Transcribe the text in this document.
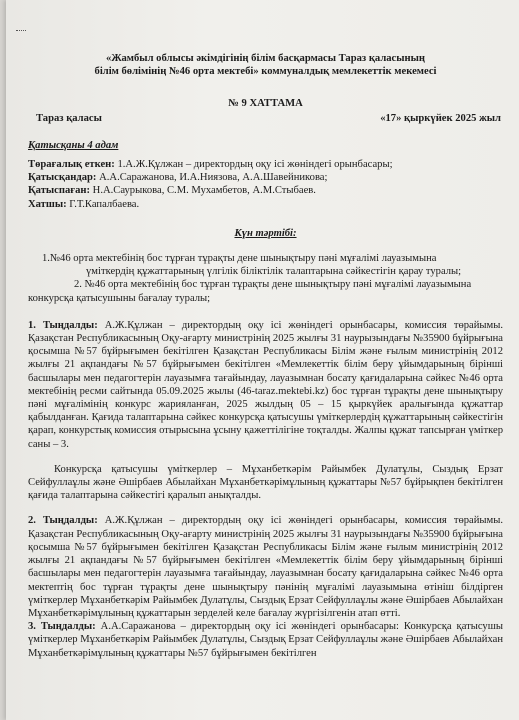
«Жамбыл облысы әкімдігінің білім басқармасы Тараз қаласының

білім бөлімінің №46 орта мектебі» коммуналдық мемлекеттік мекемесі

№ 9 ХАТТАМА

Тараз қаласы	«17» қыркүйек 2025 жыл

Қатысқаны 4 адам

Төрағалық еткен: 1.А.Ж.Құлжан – директордың оқу ісі жөніндегі орынбасары;

Қатысқандар: А.А.Саражанова, И.А.Ниязова, А.А.Шавейникова;

Қатыспаған: Н.А.Саурыкова, С.М. Мухамбетов, А.М.Стыбаев.

Хатшы: Г.Т.Капалбаева.

Күн тәртібі:

1.№46 орта мектебінің бос тұрған тұрақты дене шынықтыру пәні мұғалімі лауазымына

үміткердің құжаттарының үлгілік біліктілік талаптарына сәйкестігін қарау туралы;

2. №46 орта мектебінің бос тұрған тұрақты дене шынықтыру пәні мұғалімі лауазымына

конкурсқа қатысушыны бағалау туралы;

1. Тыңдалды: А.Ж.Құлжан – директордың оқу ісі жөніндегі орынбасары, комиссия төрайымы. Қазақстан Республикасының Оқу-ағарту министрінің 2025 жылғы 31 наурызындағы №35900 бұйрығына қосымша №57 бұйрығымен бекітілген Қазақстан Республикасы Білім және ғылым министрінің 2012 жылғы 21 ақпандағы №57 бұйрығымен бекітілген «Мемлекеттік білім беру ұйымдарының бірінші басшылары мен педагогтерін лауазымға тағайындау, лауазымнан босату қағидаларына сәйкес №46 орта мектебінің ресми сайтында 05.09.2025 жылы (46-taraz.mektebi.kz) бос тұрған тұрақты дене шынықтыру пәні мұғалімінің конкурс жарияланған, 2025 жылдың 05 – 15 қыркүйек аралығында құжаттар қабылданған. Қағида талаптарына сәйкес конкурсқа қатысушы үміткерлердің құжаттарының сәйкестігін қарап, конкурстық комиссия отырысына ұсыну қажеттілігіне тоқталды. Жалпы құжат тапсырған үміткер саны – 3.

Конкурсқа қатысушы үміткерлер – Мұханбеткәрім Райымбек Дулатұлы, Сыздық Ерзат Сейфуллаұлы және Әшірбаев Абылайхан Мұханбеткәрімұлының құжаттары №57 бұйрықпен бекітілген қағида талаптарына сәйкестігі қаралып анықталды.

2. Тыңдалды: А.Ж.Құлжан – директордың оқу ісі жөніндегі орынбасары, комиссия төрайымы. Қазақстан Республикасының Оқу-ағарту министрінің 2025 жылғы 31 наурызындағы №35900 бұйрығына қосымша №57 бұйрығымен бекітілген Қазақстан Республикасы Білім және ғылым министрінің 2012 жылғы 21 ақпандағы №57 бұйрығымен бекітілген «Мемлекеттік білім беру ұйымдарының бірінші басшылары мен педагогтерін лауазымға тағайындау, лауазымнан босату қағидаларына сәйкес №46 орта мектептің бос тұрған тұрақты дене шынықтыру пәнінің мұғалімі лауазымына өтініш білдірген үміткерлер Мұханбеткәрім Райымбек Дулатұлы, Сыздық Ерзат Сейфуллаұлы және Әшірбаев Абылайхан Мұханбеткәрімұлының құжаттарын зерделей келе бағалау жүргізілгенін атап өтті.

3. Тыңдалды: А.А.Саражанова – директордың оқу ісі жөніндегі орынбасары: Конкурсқа қатысушы үміткерлер Мұханбеткәрім Райымбек Дулатұлы, Сыздық Ерзат Сейфуллаұлы және Әшірбаев Абылайхан Мұханбеткәрімұлының құжаттары №57 бұйрығымен бекітілген
